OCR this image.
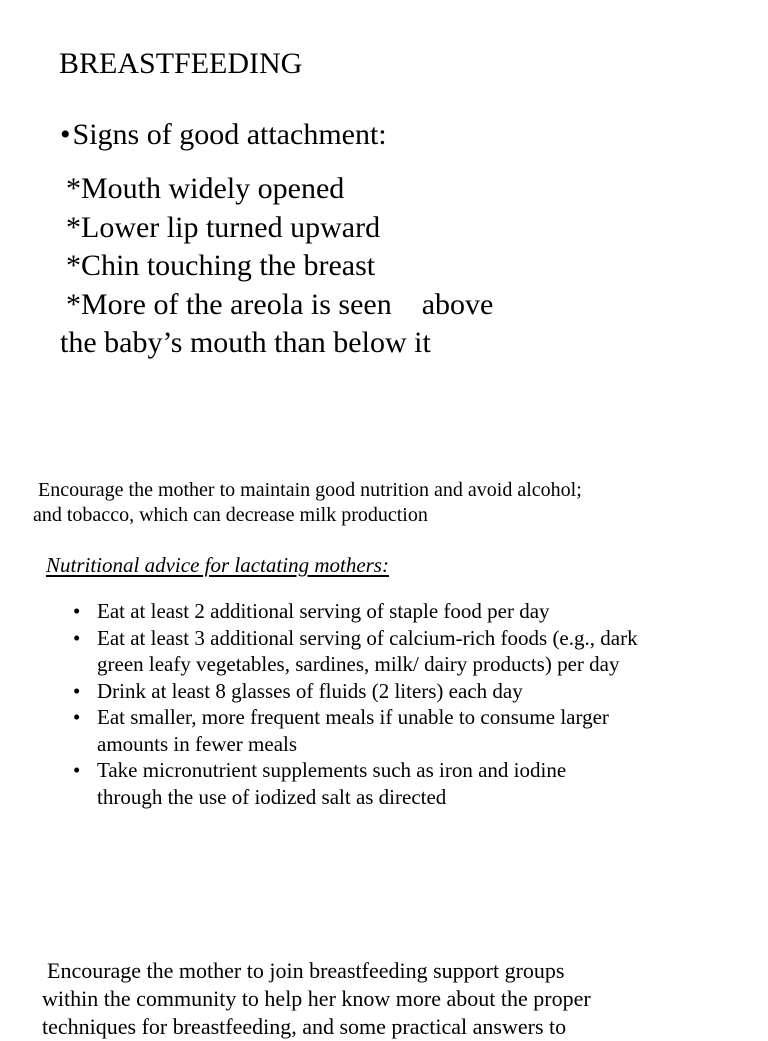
BREASTFEEDING
•Signs of good attachment:
*Mouth widely opened
*Lower lip turned upward
*Chin touching the breast
*More of the areola is seen    above
the baby’s mouth than below it
Encourage the mother to maintain good nutrition and avoid alcohol;
and tobacco, which can decrease milk production
Nutritional advice for lactating mothers:
• Eat at least 2 additional serving of staple food per day
• Eat at least 3 additional serving of calcium-rich foods (e.g., dark
green leafy vegetables, sardines, milk/ dairy products) per day
• Drink at least 8 glasses of fluids (2 liters) each day
• Eat smaller, more frequent meals if unable to consume larger
amounts in fewer meals
• Take micronutrient supplements such as iron and iodine
through the use of iodized salt as directed
Encourage the mother to join breastfeeding support groups
within the community to help her know more about the proper
techniques for breastfeeding, and some practical answers to
